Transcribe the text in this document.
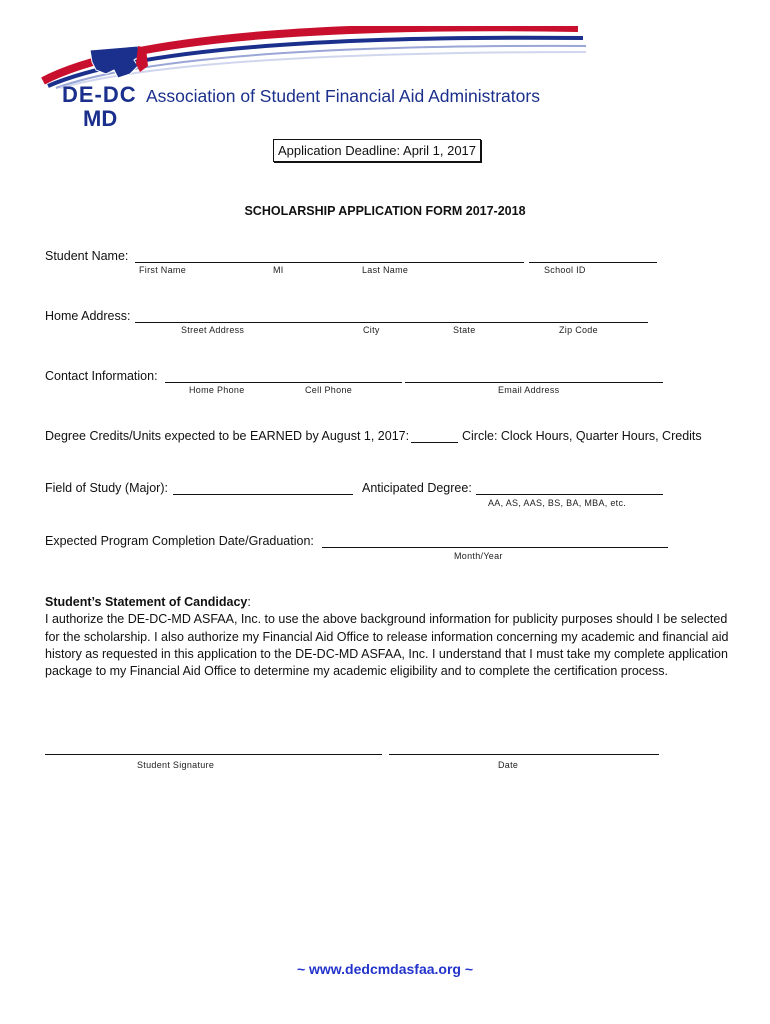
DE-DC
MD
Association of Student Financial Aid Administrators
Application Deadline: April 1, 2017
SCHOLARSHIP APPLICATION FORM 2017-2018
Student Name:
First Name	MI	Last Name	School ID
Home Address:
Street Address	City	State	Zip Code
Contact Information:
Home Phone	Cell Phone	Email Address
Degree Credits/Units expected to be EARNED by August 1, 2017:	Circle: Clock Hours, Quarter Hours, Credits
Field of Study (Major):	Anticipated Degree:
AA, AS, AAS, BS, BA, MBA, etc.
Expected Program Completion Date/Graduation:
Month/Year
Student’s Statement of Candidacy:
I authorize the DE-DC-MD ASFAA, Inc. to use the above background information for publicity purposes should I be selected for the scholarship. I also authorize my Financial Aid Office to release information concerning my academic and financial aid history as requested in this application to the DE-DC-MD ASFAA, Inc. I understand that I must take my complete application package to my Financial Aid Office to determine my academic eligibility and to complete the certification process.
Student Signature	Date
~ www.dedcmdasfaa.org ~
